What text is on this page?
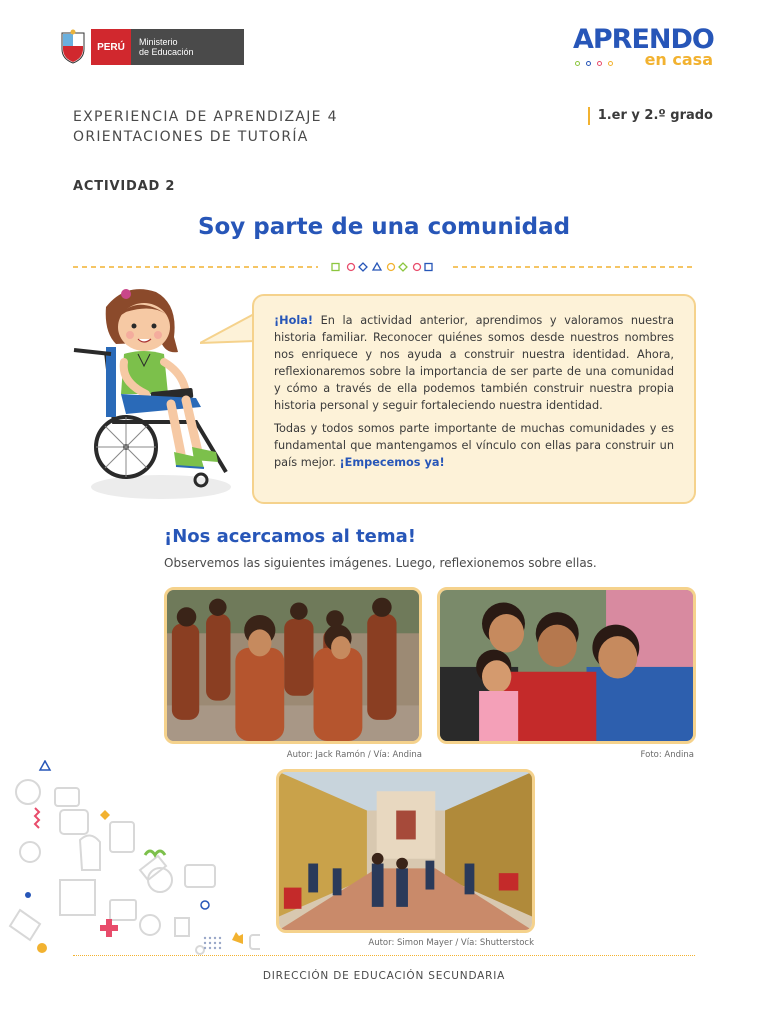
PERÚ	Ministerio
de Educación	APRENDO
en casa
EXPERIENCIA DE APRENDIZAJE 4
ORIENTACIONES DE TUTORÍA
1.er y 2.º grado
ACTIVIDAD 2
Soy parte de una comunidad

¡Hola! En la actividad anterior, aprendimos y valoramos nuestra historia familiar. Reconocer quiénes somos desde nuestros nombres nos enriquece y nos ayuda a construir nuestra identidad. Ahora, reflexionaremos sobre la importancia de ser parte de una comunidad y cómo a través de ella podemos también construir nuestra propia historia personal y seguir fortaleciendo nuestra identidad.

Todas y todos somos parte importante de muchas comunidades y es fundamental que mantengamos el vínculo con ellas para construir un país mejor. ¡Empecemos ya!

¡Nos acercamos al tema!
Observemos las siguientes imágenes. Luego, reflexionemos sobre ellas.
Autor: Jack Ramón / Vía: Andina	Foto: Andina
Autor: Simon Mayer / Vía: Shutterstock
DIRECCIÓN DE EDUCACIÓN SECUNDARIA
